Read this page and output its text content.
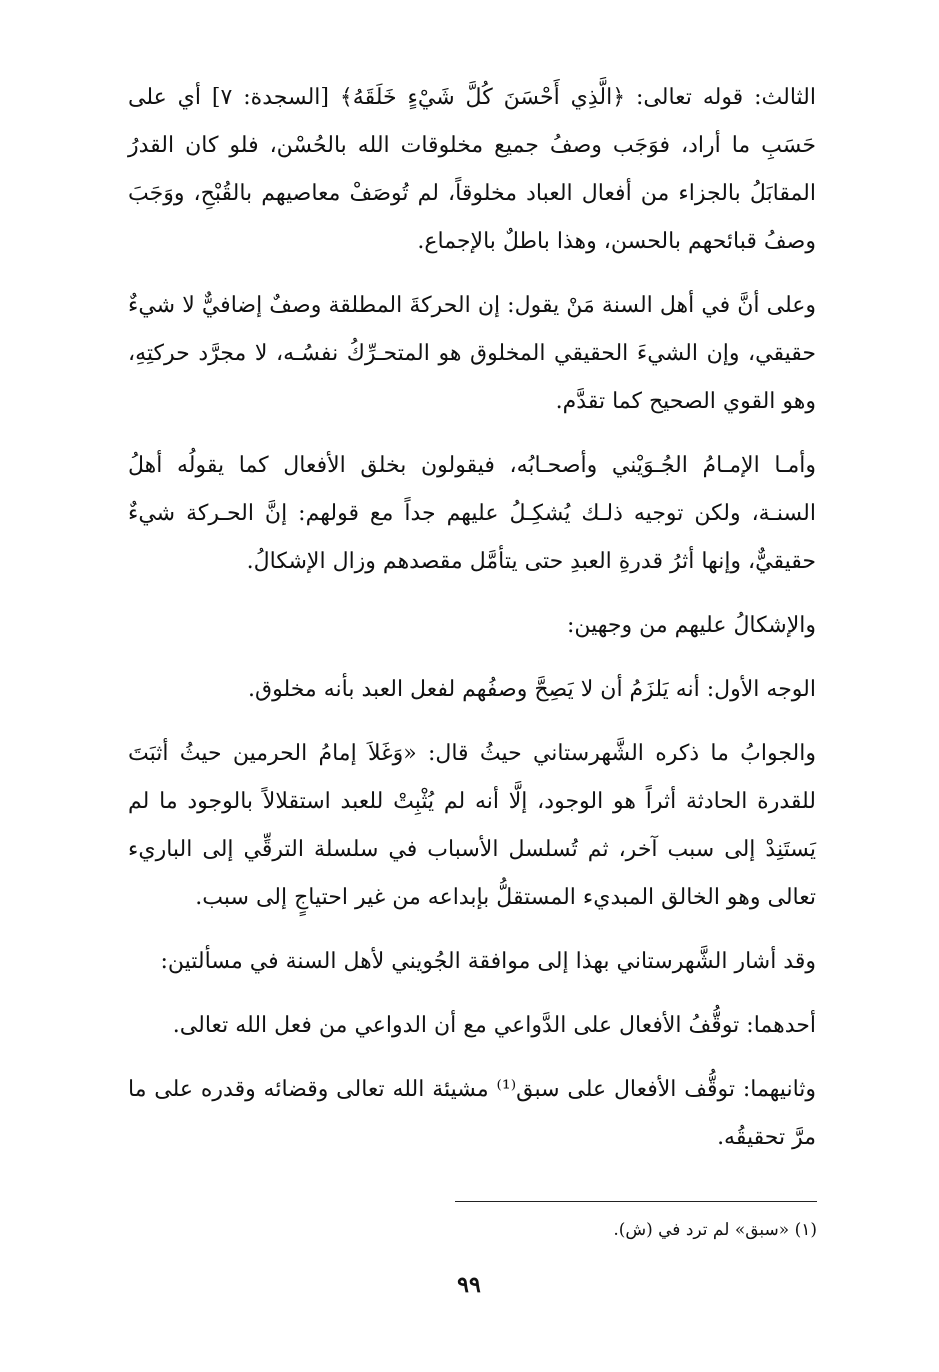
الثالث: قوله تعالى: ﴿الَّذِي أَحْسَنَ كُلَّ شَيْءٍ خَلَقَهُ﴾ [السجدة: ٧] أي على حَسَبِ ما أراد، فوَجَب وصفُ جميع مخلوقات الله بالحُسْن، فلو كان القدرُ المقابَلُ بالجزاء من أفعال العباد مخلوقاً، لم تُوصَفْ معاصيهم بالقُبْحِ، ووَجَبَ وصفُ قبائحهم بالحسن، وهذا باطلٌ بالإجماع.

وعلى أنَّ في أهل السنة مَنْ يقول: إن الحركةَ المطلقة وصفٌ إضافيٌّ لا شيءٌ حقيقي، وإن الشيءَ الحقيقي المخلوق هو المتحـرِّكُ نفسُـه، لا مجرَّد حركتِهِ، وهو القوي الصحيح كما تقدَّم.

وأمـا الإمـامُ الجُـوَيْني وأصحـابُه، فيقولون بخلق الأفعال كما يقولُه أهلُ السنـة، ولكن توجيه ذلـك يُشكِـلُ عليهم جداً مع قولهم: إنَّ الحـركة شيءٌ حقيقيٌّ، وإنها أثرُ قدرةِ العبدِ حتى يتأمَّل مقصدهم وزال الإشكالُ.

والإشكالُ عليهم من وجهين:

الوجه الأول: أنه يَلزَمُ أن لا يَصِحَّ وصفُهم لفعل العبد بأنه مخلوق.

والجوابُ ما ذكره الشَّهرستاني حيثُ قال: «وَغَلاَ إمامُ الحرمين حيثُ أثبَتَ للقدرة الحادثة أثراً هو الوجود، إلَّا أنه لم يُثْبِتْ للعبد استقلالاً بالوجود ما لم يَستَنِدْ إلى سبب آخر، ثم تُسلسل الأسباب في سلسلة الترقِّي إلى الباريء تعالى وهو الخالق المبديء المستقلُّ بإبداعه من غير احتياجٍ إلى سبب.

وقد أشار الشَّهرستاني بهذا إلى موافقة الجُويني لأهل السنة في مسألتين:

أحدهما: توقُّفُ الأفعال على الدَّواعي مع أن الدواعي من فعل الله تعالى.

وثانيهما: توقُّف الأفعال على سبق⁽¹⁾ مشيئة الله تعالى وقضائه وقدره على ما مرَّ تحقيقُه.

(١) «سبق» لم ترد في (ش).
٩٩
